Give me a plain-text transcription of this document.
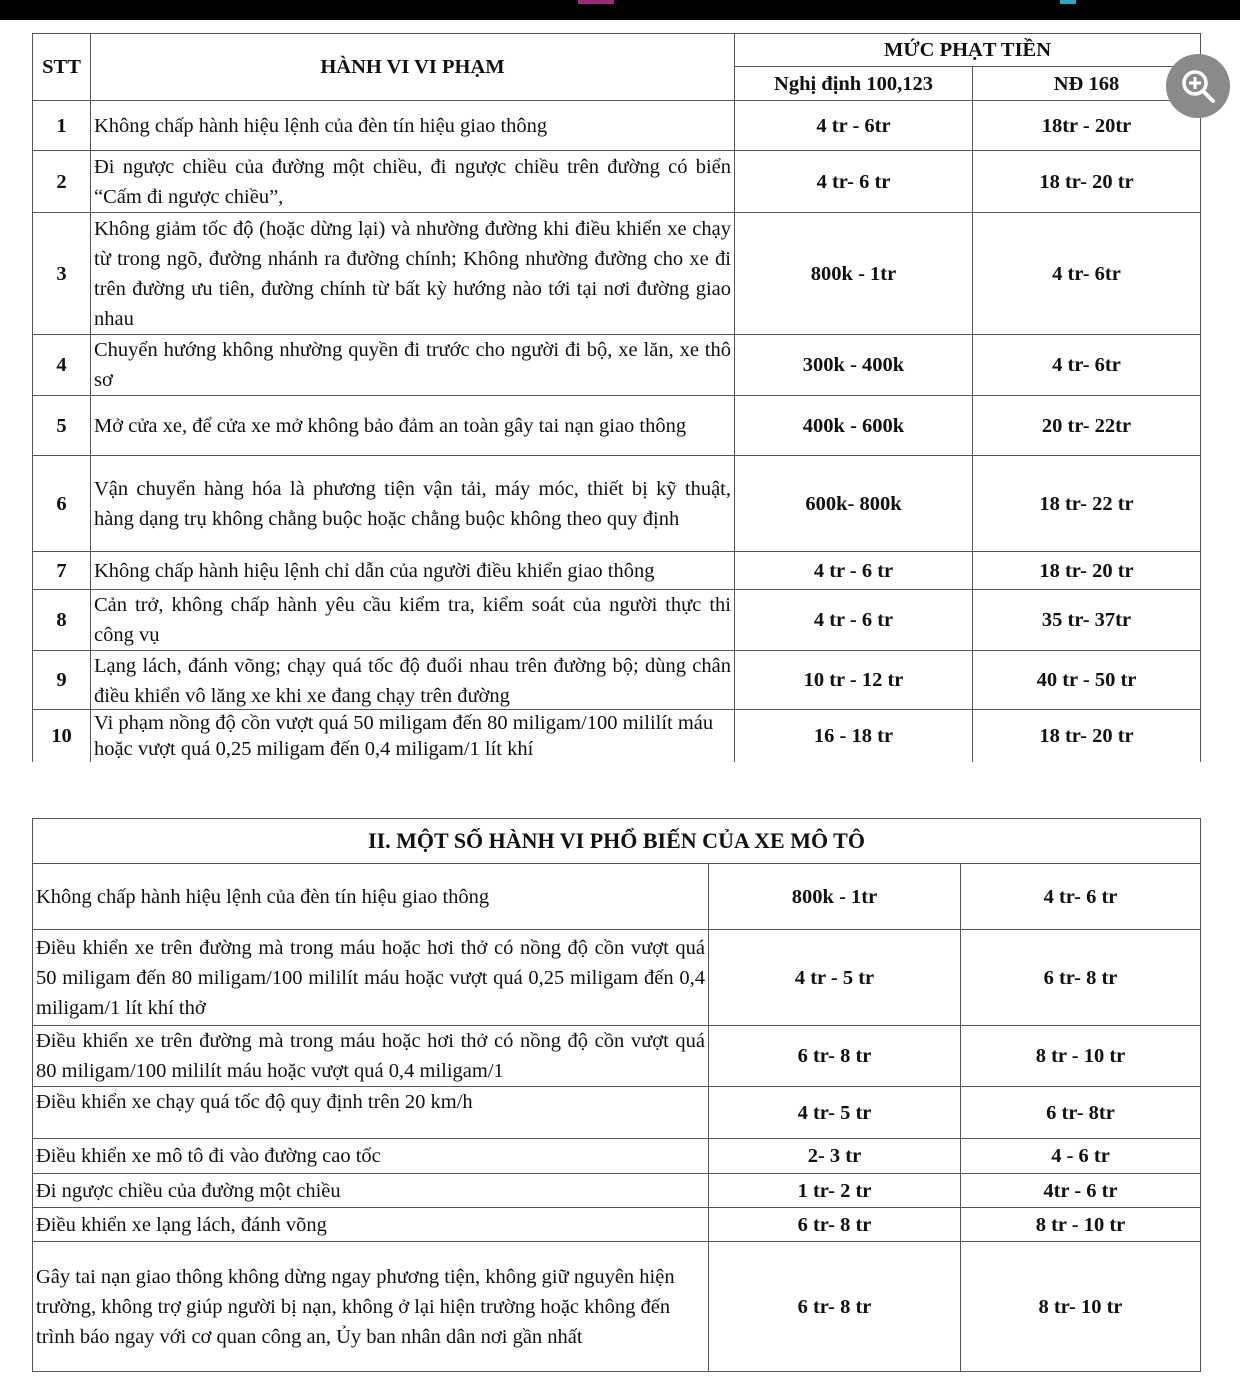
STT	HÀNH VI VI PHẠM	MỨC PHẠT TIỀN	
		Nghị định 100,123	NĐ 168
1	Không chấp hành hiệu lệnh của đèn tín hiệu giao thông	4 tr - 6tr	18tr - 20tr
2	Đi ngược chiều của đường một chiều, đi ngược chiều trên đường có biển “Cấm đi ngược chiều”,	4 tr- 6 tr	18 tr- 20 tr
3	Không giảm tốc độ (hoặc dừng lại) và nhường đường khi điều khiển xe chạy từ trong ngõ, đường nhánh ra đường chính; Không nhường đường cho xe đi trên đường ưu tiên, đường chính từ bất kỳ hướng nào tới tại nơi đường giao nhau	800k - 1tr	4 tr- 6tr
4	Chuyển hướng không nhường quyền đi trước cho người đi bộ, xe lăn, xe thô sơ	300k - 400k	4 tr- 6tr
5	Mở cửa xe, để cửa xe mở không bảo đảm an toàn gây tai nạn giao thông	400k - 600k	20 tr- 22tr
6	Vận chuyển hàng hóa là phương tiện vận tải, máy móc, thiết bị kỹ thuật, hàng dạng trụ không chằng buộc hoặc chằng buộc không theo quy định	600k- 800k	18 tr- 22 tr
7	Không chấp hành hiệu lệnh chỉ dẫn của người điều khiển giao thông	4 tr - 6 tr	18 tr- 20 tr
8	Cản trở, không chấp hành yêu cầu kiểm tra, kiểm soát của người thực thi công vụ	4 tr - 6 tr	35 tr- 37tr
9	Lạng lách, đánh võng; chạy quá tốc độ đuổi nhau trên đường bộ; dùng chân điều khiển vô lăng xe khi xe đang chạy trên đường	10 tr - 12 tr	40 tr - 50 tr
10	Vi phạm nồng độ cồn vượt quá 50 miligam đến 80 miligam/100 mililít máu hoặc vượt quá 0,25 miligam đến 0,4 miligam/1 lít khí	16 - 18 tr	18 tr- 20 tr
II. MỘT SỐ HÀNH VI PHỔ BIẾN CỦA XE MÔ TÔ		
Không chấp hành hiệu lệnh của đèn tín hiệu giao thông	800k - 1tr	4 tr- 6 tr
Điều khiển xe trên đường mà trong máu hoặc hơi thở có nồng độ cồn vượt quá 50 miligam đến 80 miligam/100 mililít máu hoặc vượt quá 0,25 miligam đến 0,4 miligam/1 lít khí thở	4 tr - 5 tr	6 tr- 8 tr

Điều khiển xe trên đường mà trong máu hoặc hơi thở có nồng độ cồn vượt quá 80 miligam/100 mililít máu hoặc vượt quá 0,4 miligam/1	6 tr- 8 tr	8 tr - 10 tr
Điều khiển xe chạy quá tốc độ quy định trên 20 km/h	4 tr- 5 tr	6 tr- 8tr
Điều khiển xe mô tô đi vào đường cao tốc	2- 3 tr	4 - 6 tr
Đi ngược chiều của đường một chiều	1 tr- 2 tr	4tr - 6 tr
Điều khiển xe lạng lách, đánh võng	6 tr- 8 tr	8 tr - 10 tr
Gây tai nạn giao thông không dừng ngay phương tiện, không giữ nguyên hiện trường, không trợ giúp người bị nạn, không ở lại hiện trường hoặc không đến trình báo ngay với cơ quan công an, Ủy ban nhân dân nơi gần nhất	6 tr- 8 tr	8 tr- 10 tr
